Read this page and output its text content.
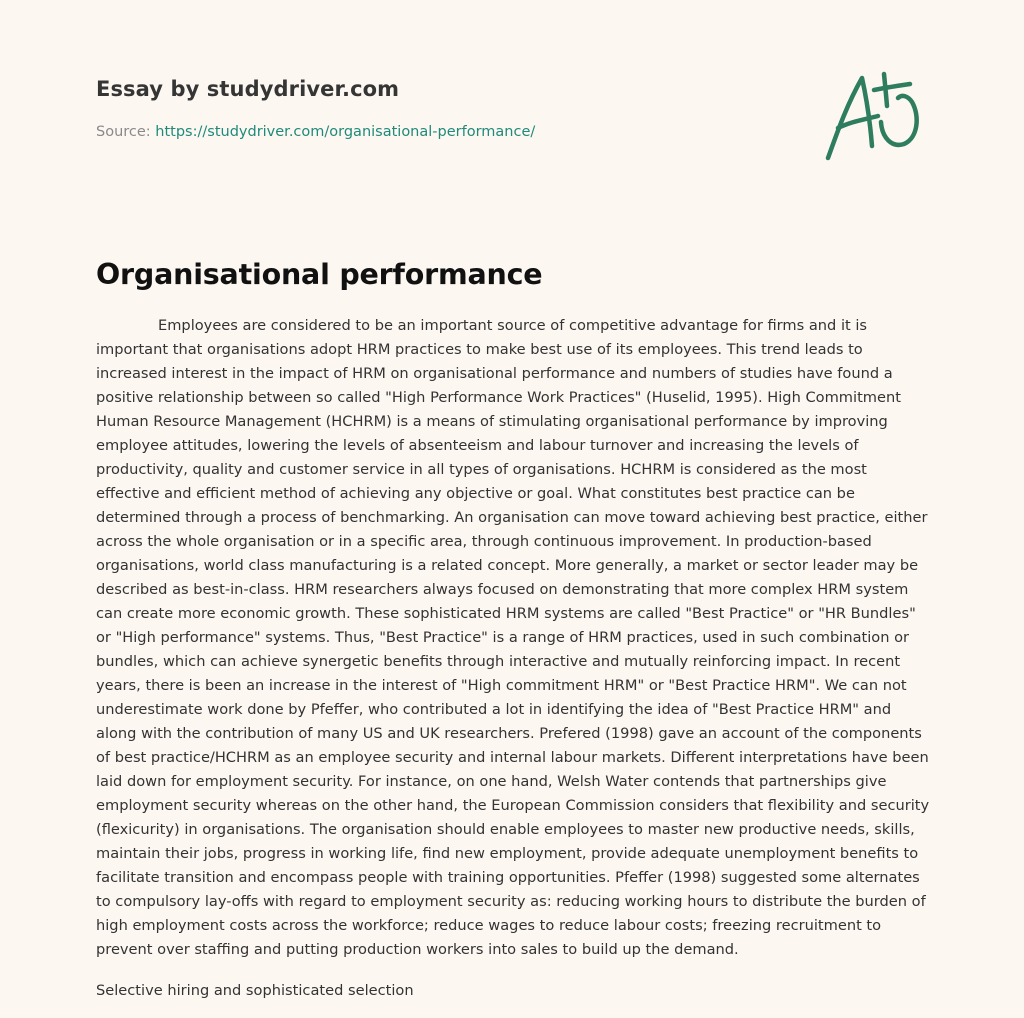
Essay by studydriver.com
Source: https://studydriver.com/organisational-performance/
Organisational performance

Employees are considered to be an important source of competitive advantage for firms and it is important that organisations adopt HRM practices to make best use of its employees. This trend leads to increased interest in the impact of HRM on organisational performance and numbers of studies have found a positive relationship between so called "High Performance Work Practices" (Huselid, 1995). High Commitment Human Resource Management (HCHRM) is a means of stimulating organisational performance by improving employee attitudes, lowering the levels of absenteeism and labour turnover and increasing the levels of productivity, quality and customer service in all types of organisations. HCHRM is considered as the most effective and efficient method of achieving any objective or goal. What constitutes best practice can be determined through a process of benchmarking. An organisation can move toward achieving best practice, either across the whole organisation or in a specific area, through continuous improvement. In production-based organisations, world class manufacturing is a related concept. More generally, a market or sector leader may be described as best-in-class. HRM researchers always focused on demonstrating that more complex HRM system can create more economic growth. These sophisticated HRM systems are called "Best Practice" or "HR Bundles" or "High performance" systems. Thus, "Best Practice" is a range of HRM practices, used in such combination or bundles, which can achieve synergetic benefits through interactive and mutually reinforcing impact. In recent years, there is been an increase in the interest of "High commitment HRM" or "Best Practice HRM". We can not underestimate work done by Pfeffer, who contributed a lot in identifying the idea of "Best Practice HRM" and along with the contribution of many US and UK researchers. Prefered (1998) gave an account of the components of best practice/HCHRM as an employee security and internal labour markets. Different interpretations have been laid down for employment security. For instance, on one hand, Welsh Water contends that partnerships give employment security whereas on the other hand, the European Commission considers that flexibility and security (flexicurity) in organisations. The organisation should enable employees to master new productive needs, skills, maintain their jobs, progress in working life, find new employment, provide adequate unemployment benefits to facilitate transition and encompass people with training opportunities. Pfeffer (1998) suggested some alternates to compulsory lay-offs with regard to employment security as: reducing working hours to distribute the burden of high employment costs across the workforce; reduce wages to reduce labour costs; freezing recruitment to prevent over staffing and putting production workers into sales to build up the demand.

Selective hiring and sophisticated selection
